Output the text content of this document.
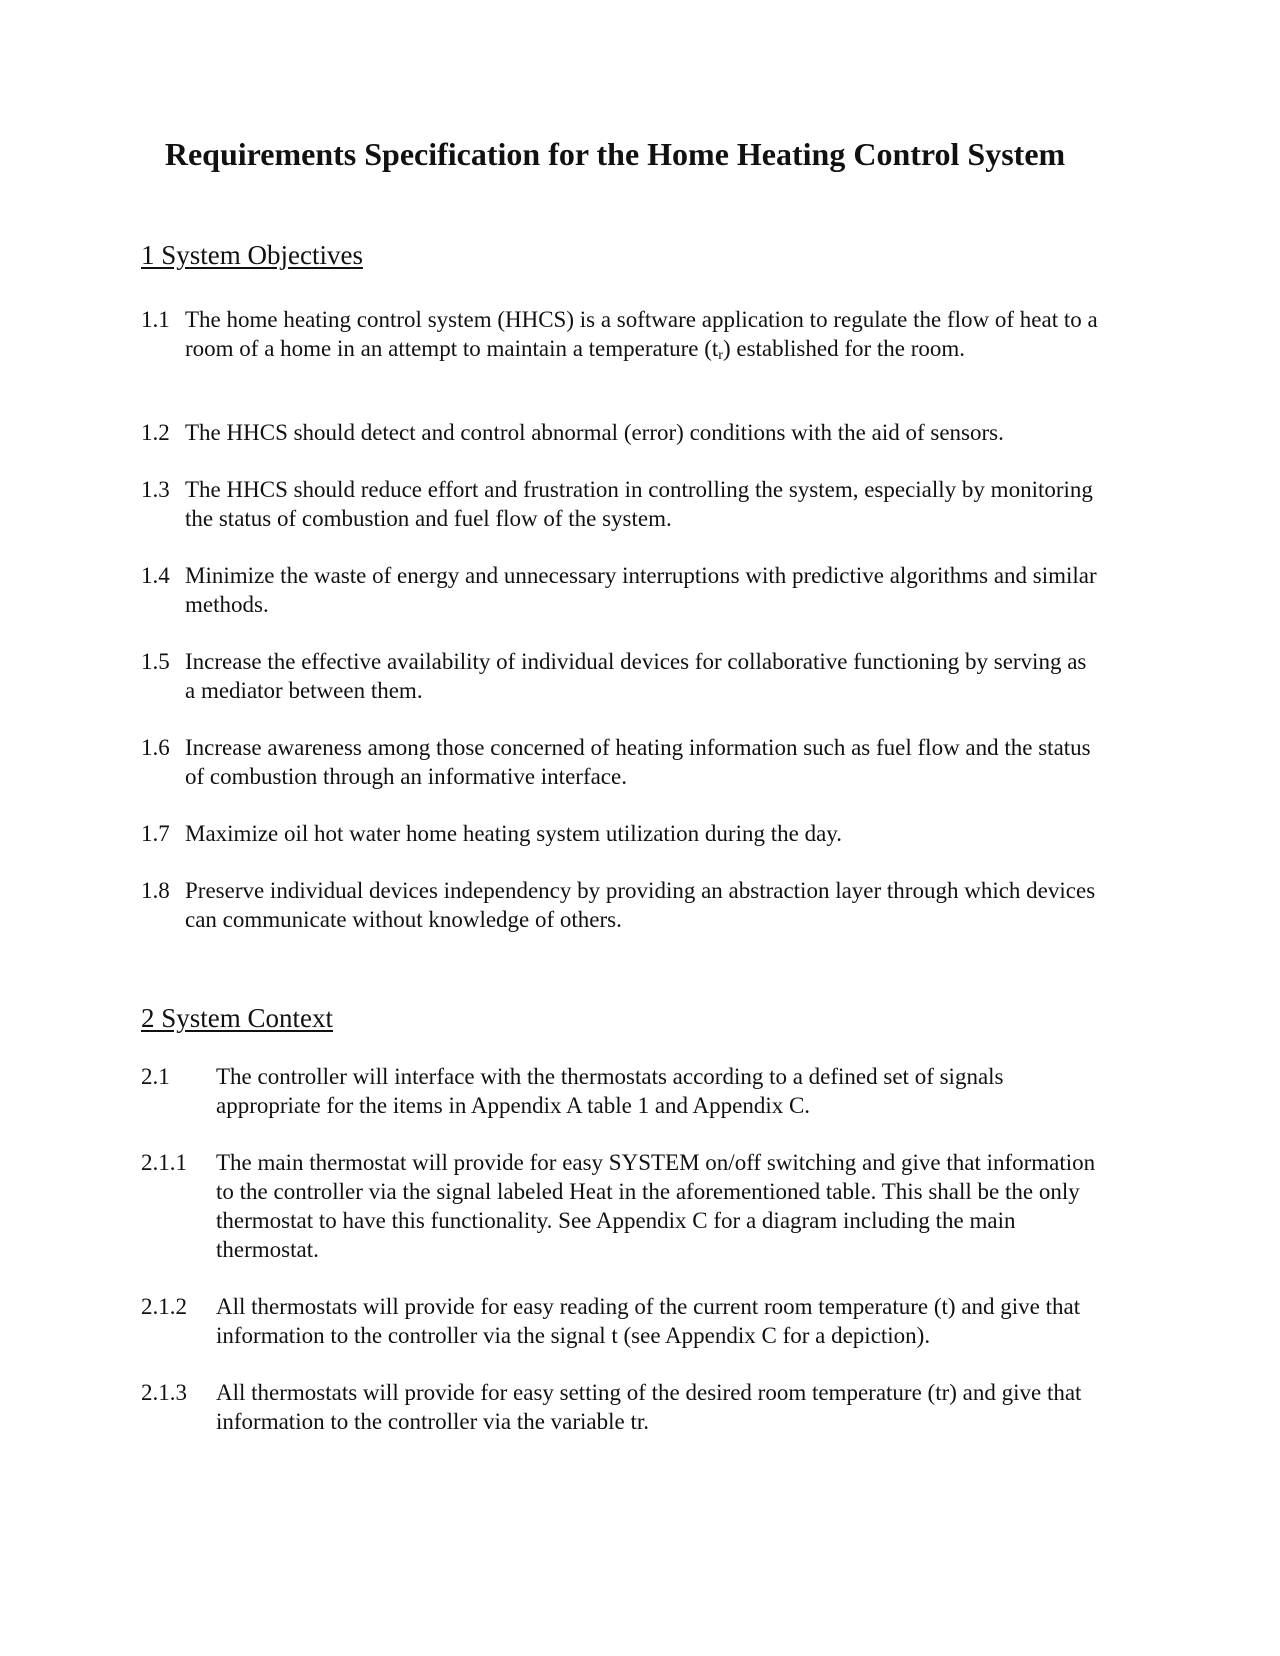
Requirements Specification for the Home Heating Control System
1 System Objectives
1.1 The home heating control system (HHCS) is a software application to regulate the flow of heat to a room of a home in an attempt to maintain a temperature $(t_r)$ established for the room.
1.2 The HHCS should detect and control abnormal (error) conditions with the aid of sensors.
1.3 The HHCS should reduce effort and frustration in controlling the system, especially by monitoring the status of combustion and fuel flow of the system.
1.4 Minimize the waste of energy and unnecessary interruptions with predictive algorithms and similar methods.
1.5 Increase the effective availability of individual devices for collaborative functioning by serving as a mediator between them.
1.6 Increase awareness among those concerned of heating information such as fuel flow and the status of combustion through an informative interface.
1.7 Maximize oil hot water home heating system utilization during the day.
1.8 Preserve individual devices independency by providing an abstraction layer through which devices can communicate without knowledge of others.
2 System Context
2.1 The controller will interface with the thermostats according to a defined set of signals appropriate for the items in Appendix A table 1 and Appendix C.
2.1.1 The main thermostat will provide for easy SYSTEM on/off switching and give that information to the controller via the signal labeled Heat in the aforementioned table. This shall be the only thermostat to have this functionality. See Appendix C for a diagram including the main thermostat.
2.1.2 All thermostats will provide for easy reading of the current room temperature (t) and give that information to the controller via the signal t (see Appendix C for a depiction).
2.1.3 All thermostats will provide for easy setting of the desired room temperature (tr) and give that information to the controller via the variable tr.
